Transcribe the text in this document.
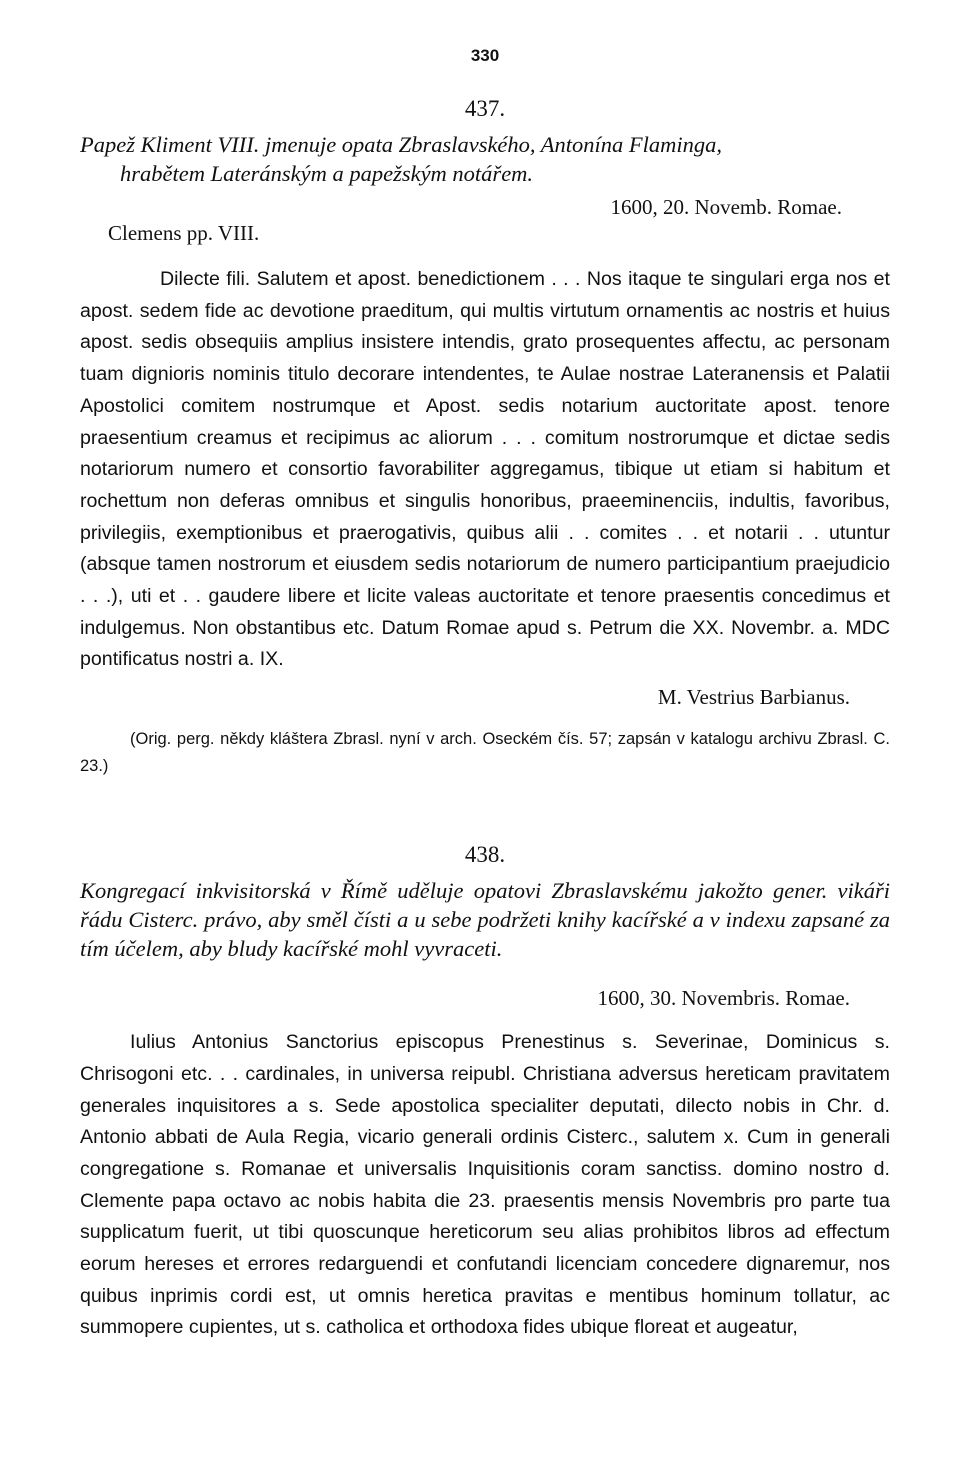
330
437.

Papež Kliment VIII. jmenuje opata Zbraslavského, Antonína Flaminga,
hrabětem Lateránským a papežským notářem.

1600, 20. Novemb. Romae.
Clemens pp. VIII.

Dilecte fili. Salutem et apost. benedictionem . . . Nos itaque te singulari erga nos et apost. sedem fide ac devotione praeditum, qui multis virtutum ornamentis ac nostris et huius apost. sedis obsequiis amplius insistere intendis, grato prosequentes affectu, ac personam tuam dignioris nominis titulo decorare intendentes, te Aulae nostrae Lateranensis et Palatii Apostolici comitem nostrumque et Apost. sedis notarium auctoritate apost. tenore praesentium creamus et recipimus ac aliorum . . . comitum nostrorumque et dictae sedis notariorum numero et consortio favorabiliter aggregamus, tibique ut etiam si habitum et rochettum non deferas omnibus et singulis honoribus, praeeminenciis, indultis, favoribus, privilegiis, exemptionibus et praerogativis, quibus alii . . comites . . et notarii . . utuntur (absque tamen nostrorum et eiusdem sedis notariorum de numero participantium praejudicio . . .), uti et . . gaudere libere et licite valeas auctoritate et tenore praesentis concedimus et indulgemus. Non obstantibus etc. Datum Romae apud s. Petrum die XX. Novembr. a. MDC pontificatus nostri a. IX.

M. Vestrius Barbianus.

(Orig. perg. někdy kláštera Zbrasl. nyní v arch. Oseckém čís. 57; zapsán v katalogu archivu Zbrasl. C. 23.)

438.

Kongregací inkvisitorská v Římě uděluje opatovi Zbraslavskému jakožto gener. vikáři řádu Cisterc. právo, aby směl čísti a u sebe podržeti knihy kacířské a v indexu zapsané za tím účelem, aby bludy kacířské mohl vyvraceti.

1600, 30. Novembris. Romae.

Iulius Antonius Sanctorius episcopus Prenestinus s. Severinae, Dominicus s. Chrisogoni etc. . . cardinales, in universa reipubl. Christiana adversus hereticam pravitatem generales inquisitores a s. Sede apostolica specialiter deputati, dilecto nobis in Chr. d. Antonio abbati de Aula Regia, vicario generali ordinis Cisterc., salutem x. Cum in generali congregatione s. Romanae et universalis Inquisitionis coram sanctiss. domino nostro d. Clemente papa octavo ac nobis habita die 23. praesentis mensis Novembris pro parte tua supplicatum fuerit, ut tibi quoscunque hereticorum seu alias prohibitos libros ad effectum eorum hereses et errores redarguendi et confutandi licenciam concedere dignaremur, nos quibus inprimis cordi est, ut omnis heretica pravitas e mentibus hominum tollatur, ac summopere cupientes, ut s. catholica et orthodoxa fides ubique floreat et augeatur,
